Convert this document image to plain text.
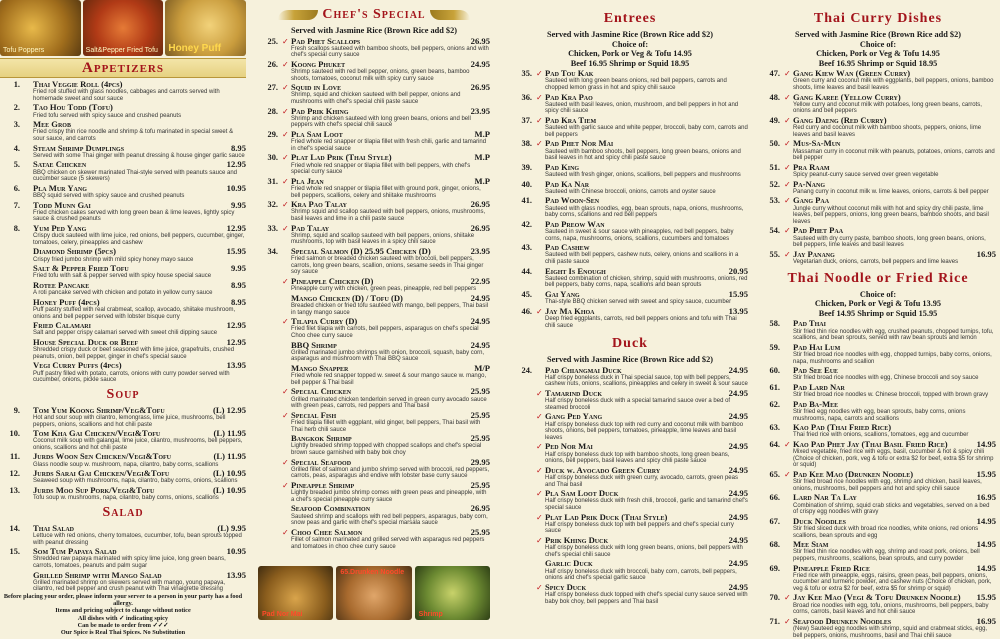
Tofu Poppers	Salt&Pepper Fried Tofu Honey Puff
Appetizers
1.	Thai Veggie Roll (4pcs)
Fried roll stuffed with glass noodles, cabbages and carrots served with homemade sweet and sour sauce
2.	Tao Hou Todd (Tofu)
Fried tofu served with spicy sauce and crushed peanuts
3.	Mee Grob
Fried crispy thin rice noodle and shrimp & tofu marinated in special sweet & sour sauce, and carrots
4.	Steam Shrimp Dumplings	8.95
Served with some Thai ginger with peanut dressing & house ginger garlic sauce
5.	Satae Chicken	12.95
BBQ chicken on skewer marinated Thai-style served with peanuts sauce and cucumber sauce (5 skewers)
6.	Pla Mur Yang	10.95
BBQ squid served with spicy sauce and crushed peanuts
7.	Todd Munn Gai	9.95
Fried chicken cakes served with long green bean & lime leaves, lightly spicy sauce & crushed peanuts
8.	Yum Ped Yang	12.95
Crispy duck sauteed with lime juice, red onions, bell peppers, cucumber, ginger, tomatoes, celery, pineapples and cashew
Diamond Shrimp (5pcs)	15.95
Crispy fried jumbo shrimp with mild spicy honey mayo sauce
Salt & Pepper Fried Tofu	9.95
Fried tofu with salt & pepper served with spicy house special sauce
Rotee Pancake	8.95
A roti pancake served with chicken and potato in yellow curry sauce
Honey Puff (4pcs)	8.95
Puff pastry stuffed with real crabmeat, scallop, avocado, shiitake mushroom, onions and bell pepper served with lobster bisque curry
Fried Calamari	12.95
Salt and pepper crispy calamari served with sweet chili dipping sauce
House Special Duck or Beef	12.95
Shredded crispy duck or beef seasoned with lime juice, grapefruits, crushed peanuts, onion, bell pepper, ginger in chef's special sauce
Vegi Curry Puffs (4pcs)	13.95
Puff pastry filled with potato, carrots, onions with curry powder served with cucumber, onions, pickle sauce
Soup
9.	Tom Yum Koong Shrimp/Veg&Tofu	(L) 12.95
Hot and sour soup with cilantro, lemongrass, lime juice, mushrooms, bell peppers, onions, scallions and hot chili paste
10.	Tom Kha Gai Chicken/Vegi&Tofu	(L) 11.95
Coconut milk soup with galangal, lime juice, cilantro, mushrooms, bell peppers, onions, scallions and hot chili paste
11.	Jurds Woon Sen Chicken/Vegi&Tofu	(L) 11.95
Glass noodle soup w. mushroom, napa, cilantro, baby corns, scallions
12.	Jurds Sarai Gai Chicken/Vegi&Tofu	(L) 10.95
Seaweed soup with mushrooms, napa, cilantro, baby corns, onions, scallions
13.	Jurds Moo Sup Pork/Vegi&Tofu	(L) 10.95
Tofu soup w. mushrooms, napa, cilantro, baby corns, onions, scallions
Salad
14.	Thai Salad	(L) 9.95
Lettuce with red onions, cherry tomatoes, cucumber, tofu, bean sprouts topped with peanut dressing
15.	Som Tum Papaya Salad	10.95
Shredded raw papaya marinated with spicy lime juice, long green beans, carrots, tomatoes, peanuts and palm sugar
Grilled Shrimp with Mango Salad	13.95
Grilled marinated shrimp on skewers served with mango, young papaya, cilantro, red bell pepper and crush peanut with Thai vinaigrette dressing
Before placing your order, please inform your server to a person in your party has a food allergy.
Items and pricing subject to change without notice
All dishes with ✓ indicating spicy
Can be made to order from ✓✓✓
Our Spice is Real Thai Spices. No Substitution
Chef's Special
Served with Jasmine Rice (Brown Rice add $2)
25. ✓ Pad Phet Scallops	26.95
Fresh scallops sauteed with bamboo shoots, bell peppers, onions and with chef's special curry sauce
26. ✓ Koong Phuket	24.95
Shrimp sauteed with red bell pepper, onions, green beans, bamboo shoots, tomatoes, coconut milk with spicy curry sauce
27. ✓ Squid in Love	26.95
Shrimp, squid and chicken sauteed with bell pepper, onions and mushrooms with chef's special chili paste sauce
28. ✓ Pad Prik Khing	23.95
Shrimp and chicken sauteed with long green beans, onions and bell peppers with chef's special chili sauce
29. ✓ Pla Sam Loot	M.P
Fried whole red snapper or tilapia fillet with fresh chili, garlic and tamarind in chef's special sauce
30. ✓ Plat Lad Prik (Thai Style)	M.P
Fried whole red snapper or tilapia fillet with bell peppers, with chef's special curry sauce
31. ✓ Pla Jean	M.P
Fried whole red snapper or tilapia fillet with ground pork, ginger, onions, bell peppers, scallions, celery and shiitake mushrooms
32. ✓ Kra Pao Talay	26.95
Shrimp squid and scallop sauteed with bell peppers, onions, mushrooms, basil leaves and lime in a chili paste sauce
33. ✓ Pad Talay	26.95
Shrimp, squid and scallop sauteed with bell peppers, onions, shiitake mushrooms, top with basil leaves in a spicy chili sauce
34.	Special Salmon (D) 25.95 Chicken (D)	23.95
Fried salmon or breaded chicken sauteed with broccoli, bell peppers, carrots, long green beans, scallion, onions, sesame seeds in Thai ginger soy sauce
✓ Pineapple Chicken (D)	22.95
Pineapple curry with chicken, green peas, pineapple, red bell peppers
Mango Chicken (D) / Tofu (D)	24.95
Breaded chicken or fried tofu sautéed with mango, bell peppers, Thai basil in tangy mango sauce
✓ Tilapia Curry (D)	24.95
Fried filet tilapia with carrots, bell peppers, asparagus on chef's special Choo chee curry sauce
BBQ Shrimp	24.95
Grilled marinated jumbo shrimps with onion, broccoli, squash, baby corn, asparagus and mushroom with Thai BBQ sauce
Mango Snapper	M/P
Fried whole red snapper topped w. sweet & sour mango sauce w. mango, bell pepper & Thai basil
✓ Special Chicken	25.95
Grilled marinated chicken tenderloin served in green curry avocado sauce with green peas, carrots, red peppers and Thai basil
✓ Special Fish	25.95
Fried tilapia fillet with eggplant, wild ginger, bell peppers, Thai basil with Thai herb chili sauce
Bangkok Shrimp	25.95
Lightly breaded shrimp topped with chopped scallops and chef's special brown sauce garnished with baby bok choy
✓ Special Seafood	29.95
Grilled fillet of salmon and jumbo shrimp served with broccoli, red peppers, carrots, peas, asparagus and endive with lobster base curry sauce
✓ Pineapple Shrimp	25.95
Lightly breaded jumbo shrimp comes with green peas and pineapple, with a chef's special pineapple curry sauce
Seafood Combination	26.95
Sauteed shrimp and scallops with red bell peppers, asparagus, baby corn, snow peas and garlic with chef's special marsala sauce
✓ Choo Chee Salmon	25.95
Fillet of salmon marinated and grilled served with asparagus red peppers and tomatoes in choo chee curry sauce
Pad Nor Mai
65.Drunken Noodle
Shrimp
Entrees
Served with Jasmine Rice (Brown Rice add $2)
Choice of:
Chicken, Pork or Veg & Tofu 14.95
Beef 16.95 Shrimp or Squid 18.95
35. ✓ Pad Tou Kak
Sauteed with long green beans onions, red bell peppers, carrots and chopped lemon grass in hot and spicy chili sauce
36. ✓ Pad Kra Pao
Sauteed with basil leaves, onion, mushroom, and bell peppers in hot and spicy chili sauce
37. ✓ Pad Kra Tiem
Sauteed with garlic sauce and white pepper, broccoli, baby corn, carrots and bell peppers
38. ✓ Pad Phet Nor Mai
Sauteed with bamboo shoots, bell peppers, long green beans, onions and basil leaves in hot and spicy chili paste sauce
39.	Pad King
Sauteed with fresh ginger, onions, scallions, bell peppers and mushrooms
40.	Pad Ka Nar
Sauteed with Chinese broccoli, onions, carrots and oyster sauce
41.	Pad Woon-Sen
Sauteed with glass noodles, egg, bean sprouts, napa, onions, mushrooms, baby corns, scallions and red bell peppers
42.	Pad Preow Wan
Sauteed in sweet & sour sauce with pineapples, red bell peppers, baby corns, napa, mushrooms, onions, scallions, cucumbers and tomatoes
43.	Pad Cashew
Sauteed with bell peppers, cashew nuts, celery, onions and scallions in a chili paste sauce
44.	Eight Is Enough	20.95
Sauteed combination of chicken, shrimp, squid with mushrooms, onions, red bell peppers, baby corns, napa, scallions and bean sprouts
45.	Gai Yang	15.95
Thai-style BBQ chicken served with sweet and spicy sauce, cucumber
46. ✓ Jay Ma Khoa	13.95
Deep fried eggplants, carrots, red bell peppers onions and tofu with Thai chili sauce
Duck
Served with Jasmine Rice (Brown Rice add $2)
24.	Pad Chiangmai Duck	24.95
Half crispy boneless duck in Thai special sauce, top with bell peppers, cashew nuts, onions, scallions, pineapples and celery in sweet & sour sauce
✓ Tamarind Duck	24.95
Half crispy boneless duck with a special tamarind sauce over a bed of steamed broccoli
✓ Gang Ped Yang	24.95
Half crispy boneless duck top with red curry and coconut milk with bamboo shoots, onions, bell peppers, tomatoes, pineapple, lime leaves and basil leaves
✓ Ped Nor Mai	24.95
Half crispy boneless duck top with bamboo shoots, long green beans, onions, bell peppers, basil leaves and spicy chili paste sauce
✓ Duck w. Avocado Green Curry	24.95
Half crispy boneless duck with green curry, avocado, carrots, green peas and Thai basil
✓ Pla Sam Loot Duck	24.95
Half crispy boneless duck with fresh chili, broccoli, garlic and tamarind chef's special sauce
✓ Plat Lad Prik Duck (Thai Style)	24.95
Half crispy boneless duck top with bell peppers and chef's special curry sauce
✓ Prik Khing Duck	24.95
Half crispy boneless duck with long green beans, onions, bell peppers with chef's special chili sauce
Garlic Duck	24.95
Half crispy boneless duck with broccoli, baby corn, carrots, bell peppers, onions and chef's special garlic sauce
✓ Spicy Duck	24.95
Half crispy boneless duck topped with chef's special curry sauce served with baby bok choy, bell peppers and Thai basil
Thai Curry Dishes
Served with Jasmine Rice (Brown Rice add $2)
Choice of:
Chicken, Pork or Veg & Tofu 14.95
Beef 16.95 Shrimp or Squid 18.95
47. ✓ Gang Kiew Wan (Green Curry)
Green curry and coconut milk with eggplants, bell peppers, onions, bamboo shoots, lime leaves and basil leaves
48. ✓ Gang Karee (Yellow Curry)
Yellow curry and coconut milk with potatoes, long green beans, carrots, onions and bell peppers
49. ✓ Gang Daeng (Red Curry)
Red curry and coconut milk with bamboo shoots, peppers, onions, lime leaves and basil leaves
50. ✓ Mus-Sa-Mun
Massaman curry in coconut milk with peanuts, potatoes, onions, carrots and bell pepper
51. ✓ Pra Raam
Spicy peanut-curry sauce served over green vegetable
52. ✓ Pa-Nang
Panang curry in coconut milk w. lime leaves, onions, carrots & bell pepper
53. ✓ Gang Paa
Jungle curry without coconut milk with hot and spicy dry chili paste, lime leaves, bell peppers, onions, long green beans, bamboo shoots, and basil leaves
54. ✓ Pad Phet Paa
Sauteed with dry curry paste, bamboo shoots, long green beans, onions, bell peppers, lime leaves and basil leaves
55. ✓ Jay Panang	16.95
Vegetarian duck, onions, carrots, bell peppers and lime leaves
Thai Noodle or Fried Rice
Choice of:
Chicken, Pork or Vegi & Tofu 13.95
Beef 14.95 Shrimp or Squid 15.95
58.	Pad Thai
Stir fried thin rice noodles with egg, crushed peanuts, chopped turnips, tofu, scallions, and bean sprouts, served with raw bean sprouts and lemon
59.	Pad Hai Lum
Stir fried broad rice noodles with egg, chopped turnips, baby corns, onions, napa, mushrooms and scallion
60.	Pad See Eue
Stir fried broad rice noodles with egg, Chinese broccoli and soy sauce
61.	Pad Lard Nar
Stir fried broad rice noodles w. Chinese broccoli, topped with brown gravy
62.	Pad Ba-Mee
Stir fried egg noodles with egg, bean sprouts, baby corns, onions mushrooms, napa, carrots and scallions
63.	Kao Pad (Thai Fried Rice)
Thai fried rice with onions, scallions, tomatoes, egg and cucumber
64. ✓ Kao Pad Phet Jay (Thai Basil Fried Rice)	14.95
Mixed vegetable, fried rice with eggs, basil, cucumber & hot & spicy chili (Choice of chicken, pork, veg & tofu or extra $2 for beef, extra $5 for shrimp or squid)
65. ✓ Pad Kee Mao (Drunken Noodle)	15.95
Stir fried broad rice noodles with egg, shrimp and chicken, basil leaves, onions, mushrooms, bell peppers and hot and spicy chili sauce
66.	Lard Nar Ta Lay	16.95
Combination of shrimp, squid crab sticks and vegetables, served on a bed of crispy egg noodles with gravy
67.	Duck Noodles	14.95
Stir fried sliced duck with broad rice noodles, white onions, red onions scallions, bean sprouts and egg
68.	Mee Siam	14.95
Stir fried thin rice noodles with egg, shrimp and roast pork, onions, bell peppers, mushrooms, scallions, bean sprouts, and curry powder
69.	Pineapple Fried Rice	14.95
Fried rice with pineapple, eggs, raisins, green peas, bell peppers, onions, cucumber and turmeric powder, and cashew nuts (Choice of chicken, pork, veg & tofu or extra $2 for beef, extra $5 for shrimp or squid)
70. ✓ Jay Kee Mao (Vegi & Tofu Drunken Noodle)	15.95
Broad rice noodles with egg, tofu, onions, mushrooms, bell peppers, baby corns, carrots, basil leaves and hot chili sauce
71. ✓ Seafood Drunken Noodles	16.95
(New) Sauteed egg noodles with shrimp, squid and crabmeat sticks, egg, bell peppers, onions, mushrooms, basil and Thai chili sauce
